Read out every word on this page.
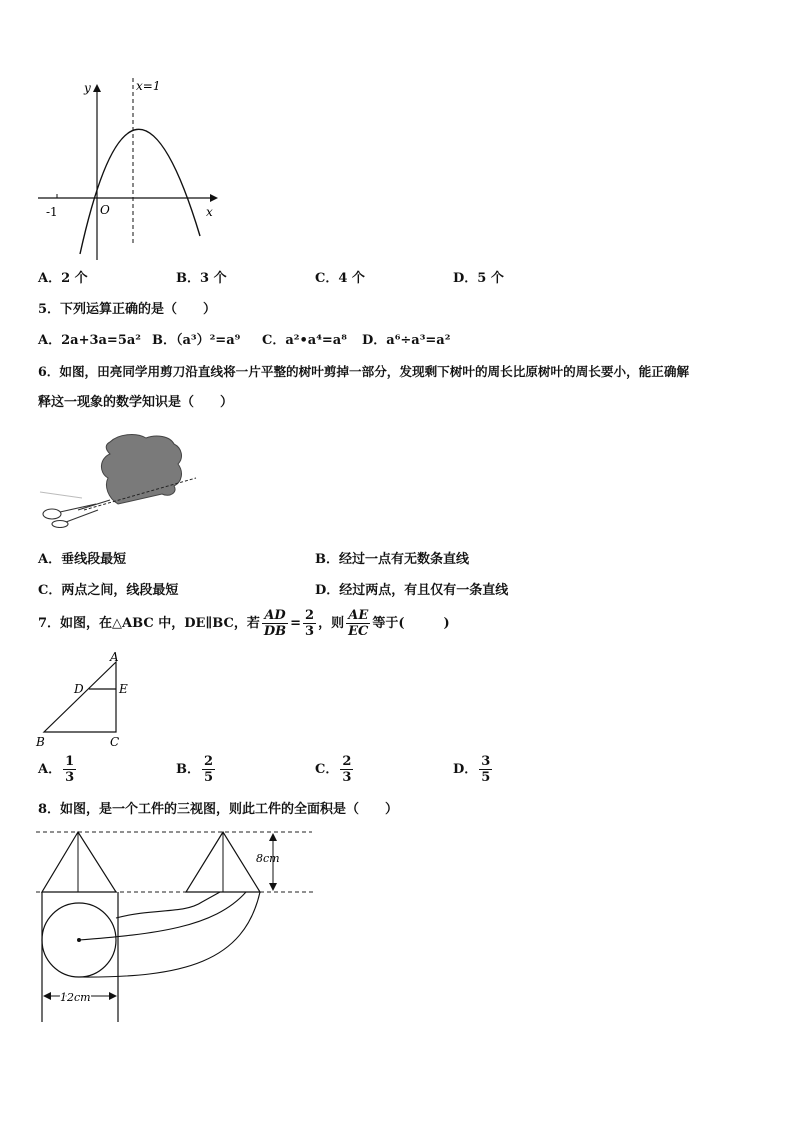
y
x
O
-1
x=1
A．2 个	B．3 个	C．4 个	D．5 个
5．下列运算正确的是（　　）
A．2a+3a=5a² B．（a³）²=a⁹ C．a²•a⁴=a⁸ D．a⁶÷a³=a²
6．如图，田亮同学用剪刀沿直线将一片平整的树叶剪掉一部分，发现剩下树叶的周长比原树叶的周长要小，能正确解
释这一现象的数学知识是（　　）
A．垂线段最短	B．经过一点有无数条直线
C．两点之间，线段最短	D．经过两点，有且仅有一条直线
7．如图，在△ABC 中，DE∥BC，若 $\frac{AD}{DB} = \frac{2}{3}$ ，则 $\frac{AE}{EC}$ 等于(　　　)
A
D	E
B	C
A． $\frac{1}{3}$	B． $\frac{2}{5}$	C． $\frac{2}{3}$	D． $\frac{3}{5}$
8．如图，是一个工件的三视图，则此工件的全面积是（　　）
8cm
12cm
